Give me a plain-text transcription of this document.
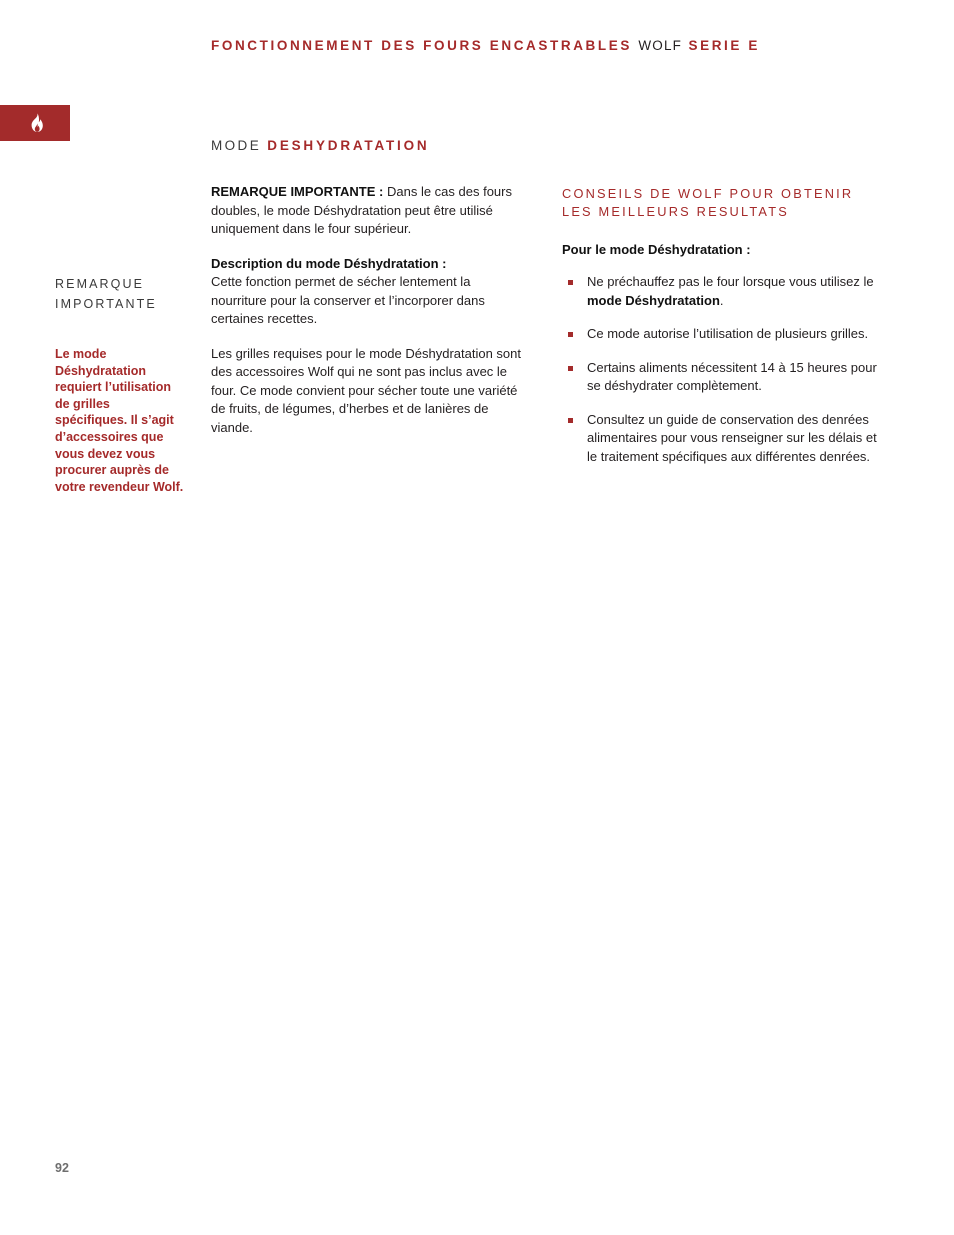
FONCTIONNEMENT DES FOURS ENCASTRABLES WOLF SERIE E
MODE DESHYDRATATION
REMARQUE
IMPORTANTE
Le mode Déshydratation requiert l’utilisation de grilles spécifiques. Il s’agit d’accessoires que vous devez vous procurer auprès de votre revendeur Wolf.

REMARQUE IMPORTANTE : Dans le cas des fours doubles, le mode Déshydratation peut être utilisé uniquement dans le four supérieur.

Description du mode Déshydratation :
Cette fonction permet de sécher lentement la nourriture pour la conserver et l’incorporer dans certaines recettes.

Les grilles requises pour le mode Déshydratation sont des accessoires Wolf qui ne sont pas inclus avec le four. Ce mode convient pour sécher toute une variété de fruits, de légumes, d’herbes et de lanières de viande.

CONSEILS DE WOLF POUR OBTENIR
LES MEILLEURS RESULTATS
Pour le mode Déshydratation :
Ne préchauffez pas le four lorsque vous utilisez le mode Déshydratation.
Ce mode autorise l’utilisation de plusieurs grilles.
Certains aliments nécessitent 14 à 15 heures pour se déshydrater complètement.
Consultez un guide de conservation des denrées alimentaires pour vous renseigner sur les délais et le traitement spécifiques aux différentes denrées.
92
